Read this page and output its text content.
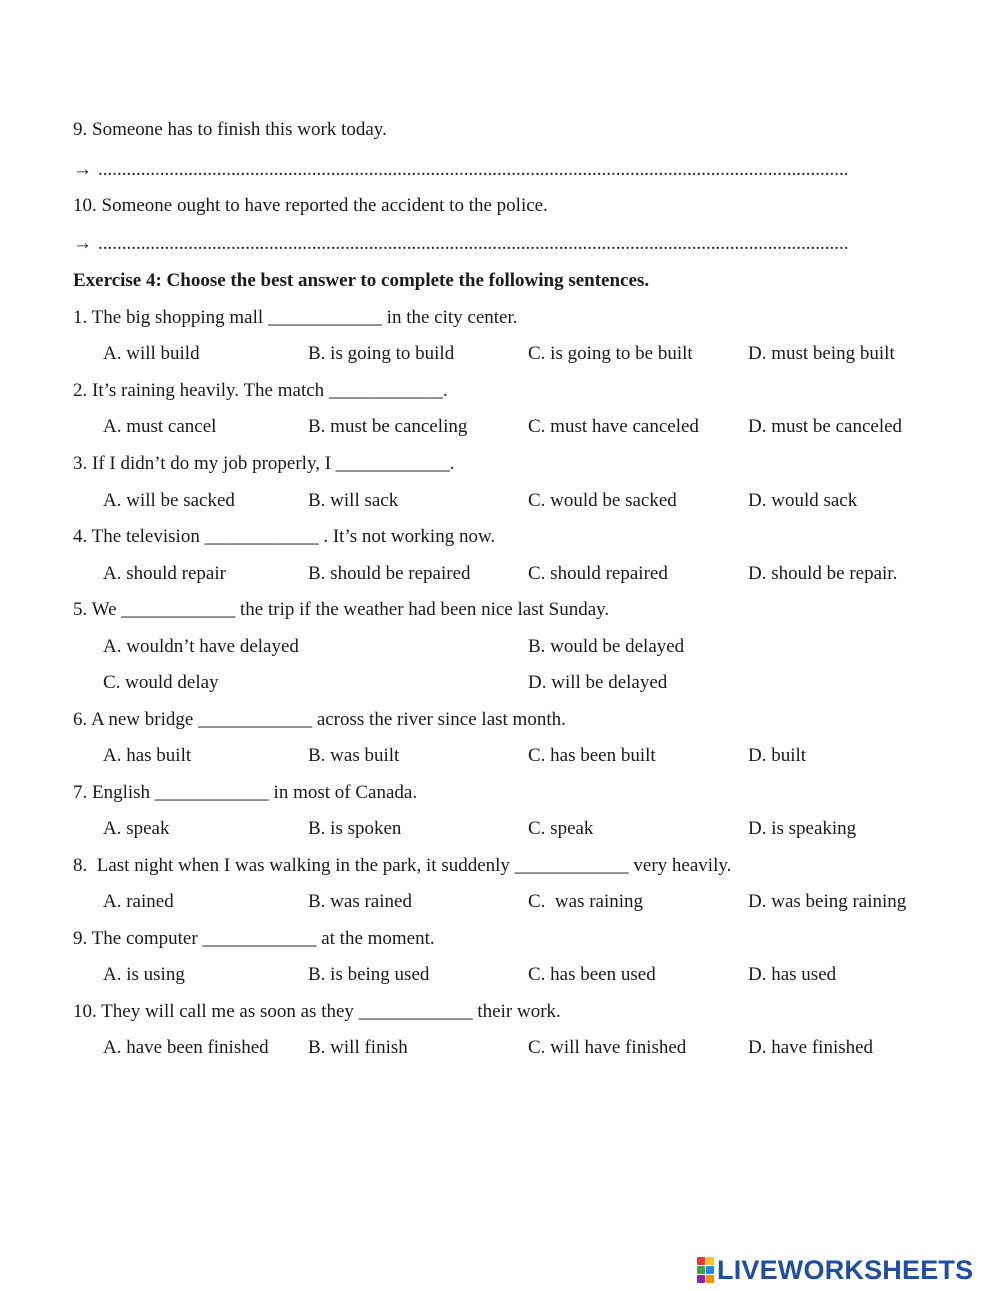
9. Someone has to finish this work today.
→ ..............................................................................................................................................................
10. Someone ought to have reported the accident to the police.
→ ..............................................................................................................................................................
Exercise 4: Choose the best answer to complete the following sentences.
1. The big shopping mall ____________ in the city center.
A. will build	B. is going to build	C. is going to be built	D. must being built
2. It’s raining heavily. The match ____________.
A. must cancel	B. must be canceling	C. must have canceled	D. must be canceled
3. If I didn’t do my job properly, I ____________.
A. will be sacked	B. will sack	C. would be sacked	D. would sack
4. The television ____________ . It’s not working now.
A. should repair	B. should be repaired	C. should repaired	D. should be repair.
5. We ____________ the trip if the weather had been nice last Sunday.
A. wouldn’t have delayed	B. would be delayed
C. would delay	D. will be delayed
6. A new bridge ____________ across the river since last month.
A. has built	B. was built	C. has been built	D. built
7. English ____________ in most of Canada.
A. speak	B. is spoken	C. speak	D. is speaking
8.  Last night when I was walking in the park, it suddenly ____________ very heavily.
A. rained	B. was rained	C.  was raining	D. was being raining
9. The computer ____________ at the moment.
A. is using	B. is being used	C. has been used	D. has used
10. They will call me as soon as they ____________ their work.
A. have been finished B. will finish	C. will have finished	D. have finished
LIVEWORKSHEETS
